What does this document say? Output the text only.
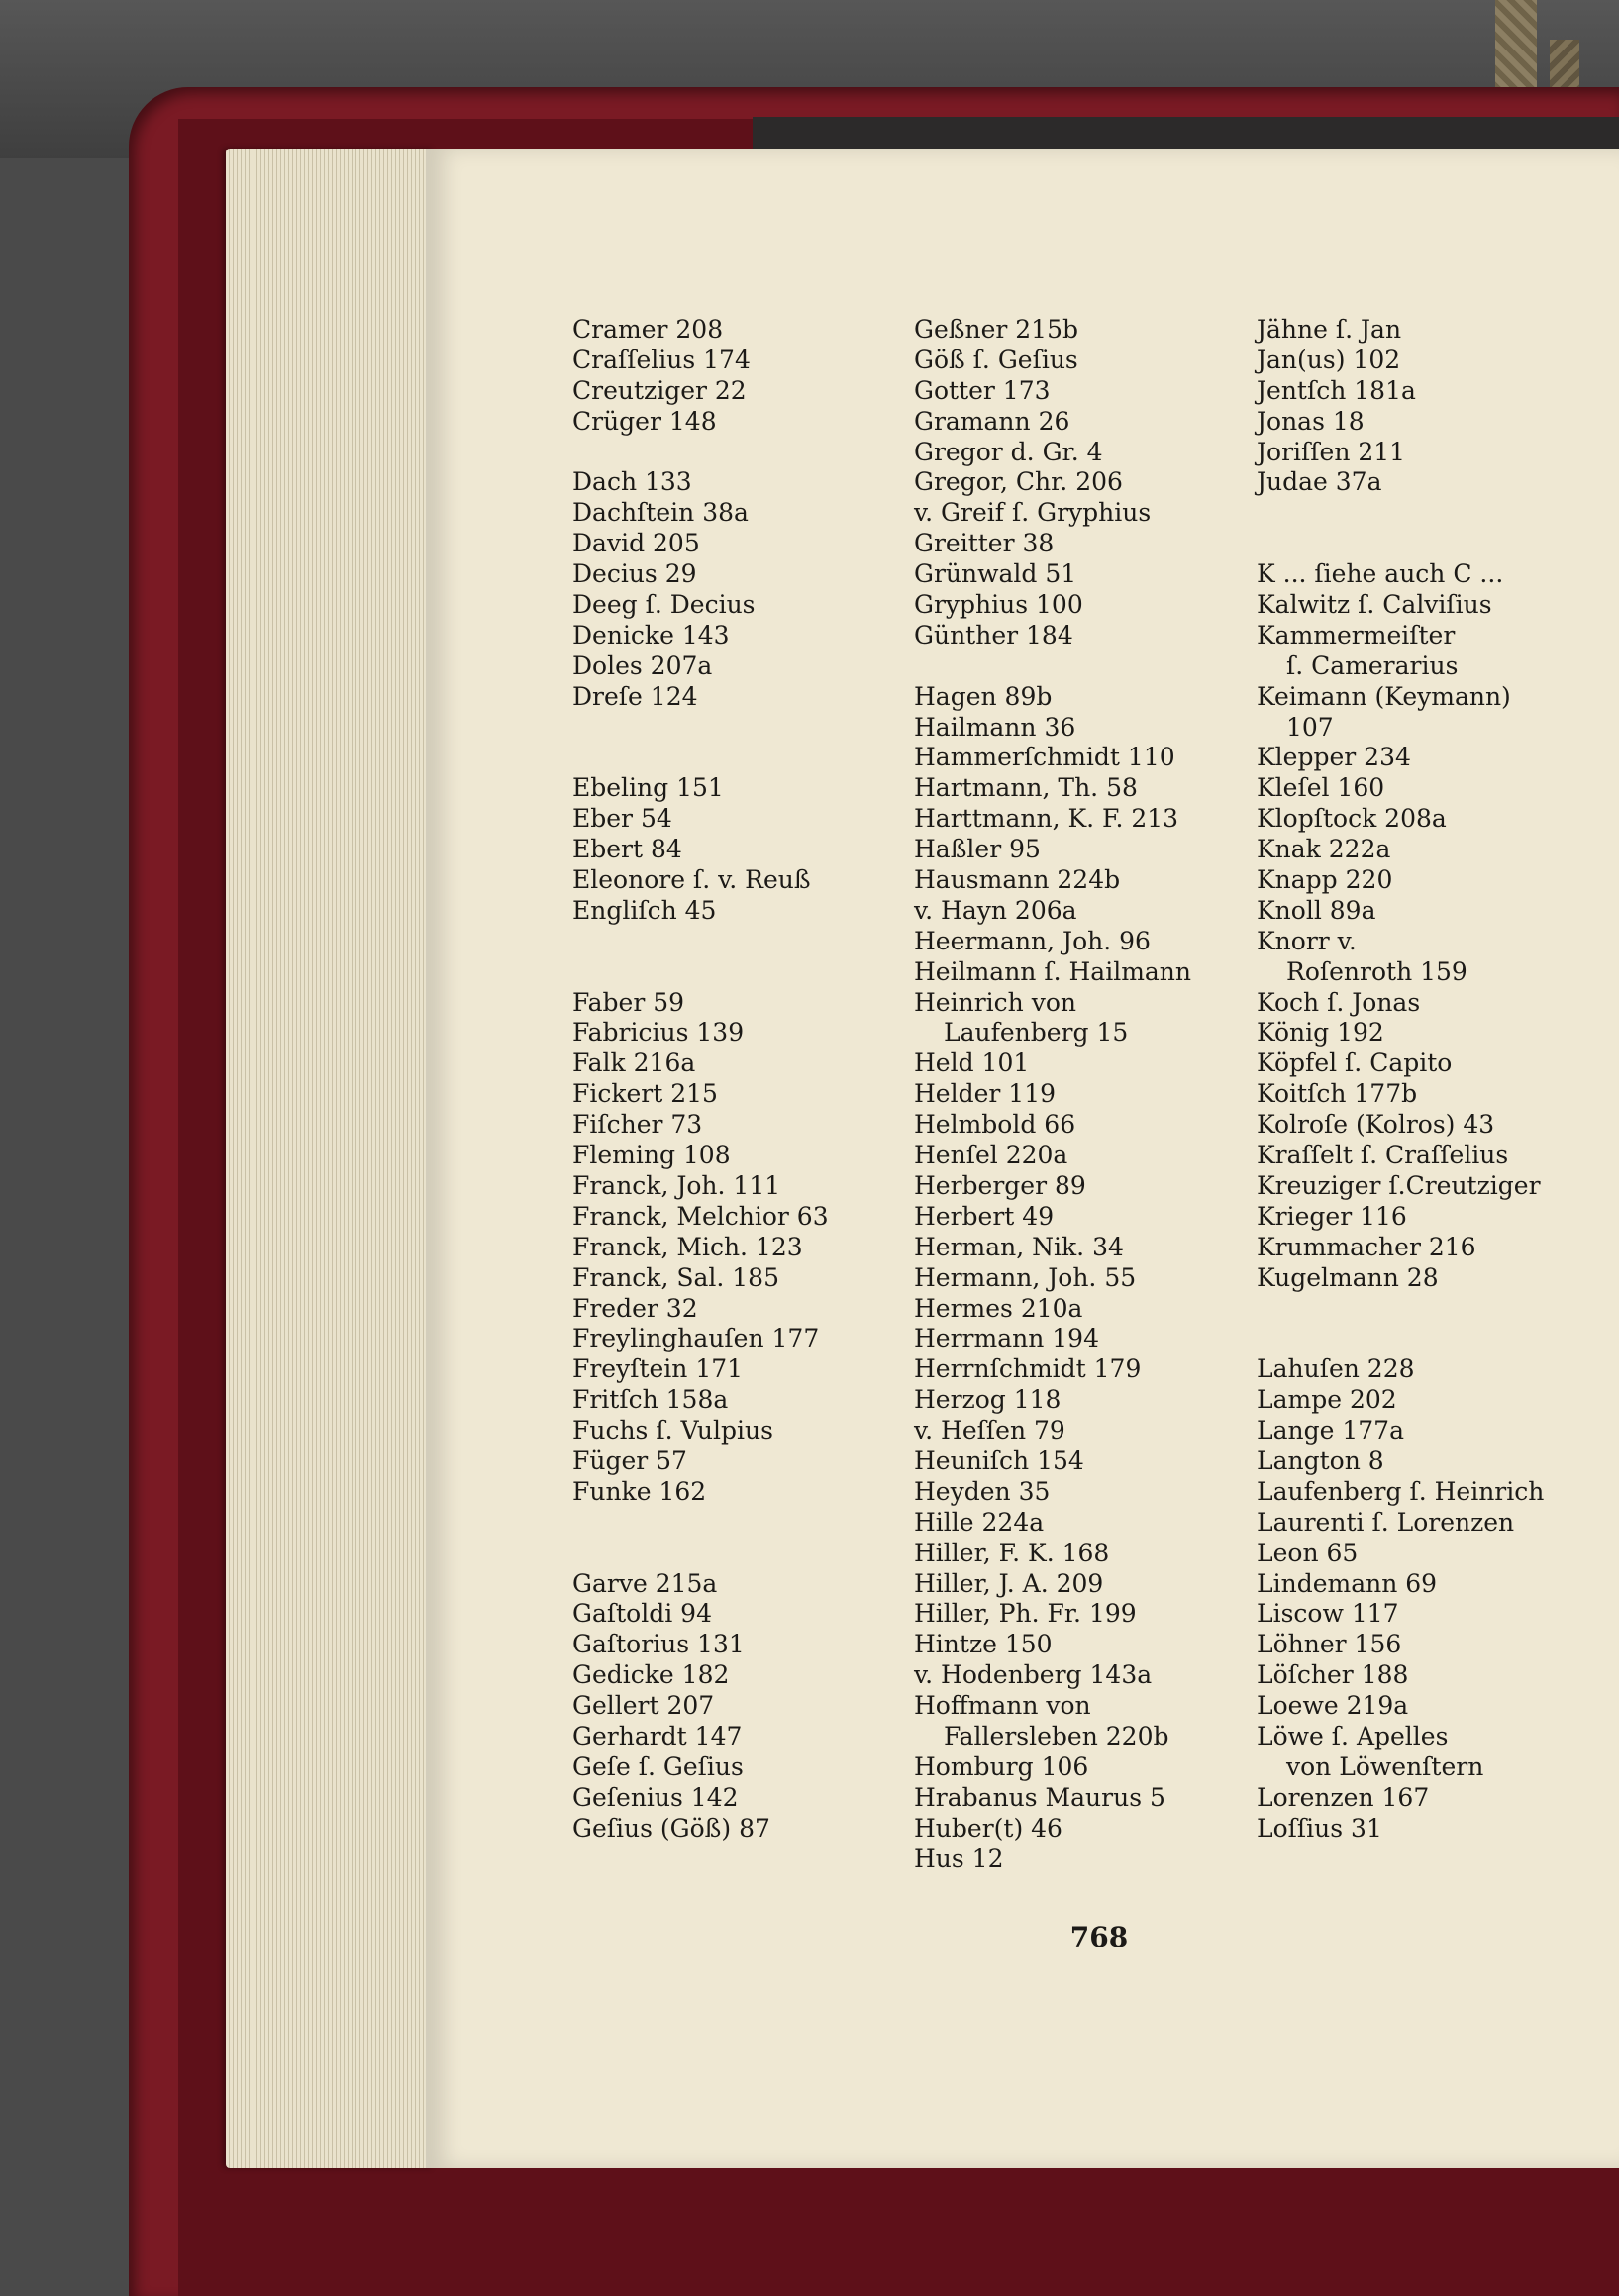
Cramer 208
Craſſelius 174
Creutziger 22
Crüger 148
Dach 133
Dachſtein 38a
David 205
Decius 29
Deeg ſ. Decius
Denicke 143
Doles 207a
Dreſe 124
Ebeling 151
Eber 54
Ebert 84
Eleonore ſ. v. Reuß
Engliſch 45
Faber 59
Fabricius 139
Falk 216a
Fickert 215
Fiſcher 73
Fleming 108
Franck, Joh. 111
Franck, Melchior 63
Franck, Mich. 123
Franck, Sal. 185
Freder 32
Freylinghauſen 177
Freyſtein 171
Fritſch 158a
Fuchs ſ. Vulpius
Füger 57
Funke 162
Garve 215a
Gaſtoldi 94
Gaſtorius 131
Gedicke 182
Gellert 207
Gerhardt 147
Geſe ſ. Geſius
Geſenius 142
Geſius (Göß) 87
Geßner 215b
Göß ſ. Geſius
Gotter 173
Gramann 26
Gregor d. Gr. 4
Gregor, Chr. 206
v. Greif ſ. Gryphius
Greitter 38
Grünwald 51
Gryphius 100
Günther 184
Hagen 89b
Hailmann 36
Hammerſchmidt 110
Hartmann, Th. 58
Harttmann, K. F. 213
Haßler 95
Hausmann 224b
v. Hayn 206a
Heermann, Joh. 96
Heilmann ſ. Hailmann
Heinrich von
Laufenberg 15
Held 101
Helder 119
Helmbold 66
Henſel 220a
Herberger 89
Herbert 49
Herman, Nik. 34
Hermann, Joh. 55
Hermes 210a
Herrmann 194
Herrnſchmidt 179
Herzog 118
v. Heſſen 79
Heuniſch 154
Heyden 35
Hille 224a
Hiller, F. K. 168
Hiller, J. A. 209
Hiller, Ph. Fr. 199
Hintze 150
v. Hodenberg 143a
Hoffmann von
Fallersleben 220b
Homburg 106
Hrabanus Maurus 5
Huber(t) 46
Hus 12
Jähne ſ. Jan
Jan(us) 102
Jentſch 181a
Jonas 18
Joriſſen 211
Judae 37a
K ... ſiehe auch C ...
Kalwitz ſ. Calviſius
Kammermeiſter
ſ. Camerarius
Keimann (Keymann)
107
Klepper 234
Kleſel 160
Klopſtock 208a
Knak 222a
Knapp 220
Knoll 89a
Knorr v.
Roſenroth 159
Koch ſ. Jonas
König 192
Köpfel ſ. Capito
Koitſch 177b
Kolroſe (Kolros) 43
Kraſſelt ſ. Craſſelius
Kreuziger ſ.Creutziger
Krieger 116
Krummacher 216
Kugelmann 28
Lahuſen 228
Lampe 202
Lange 177a
Langton 8
Laufenberg ſ. Heinrich
Laurenti ſ. Lorenzen
Leon 65
Lindemann 69
Liscow 117
Löhner 156
Löſcher 188
Loewe 219a
Löwe ſ. Apelles
von Löwenſtern
Lorenzen 167
Loſſius 31
768
